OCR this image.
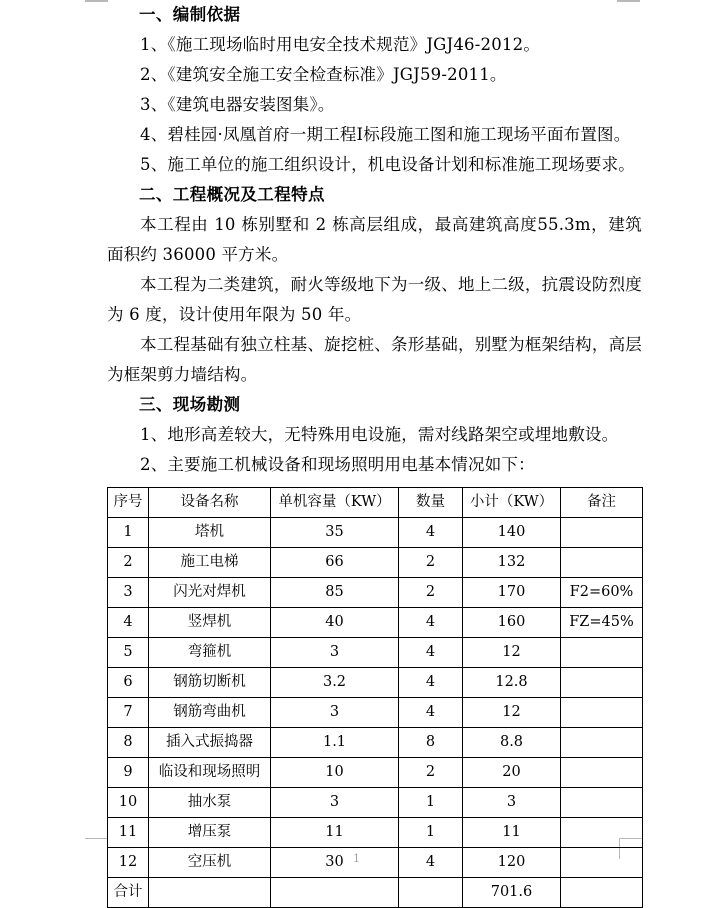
一、编制依据
1、《施工现场临时用电安全技术规范》JGJ46-2012。
2、《建筑安全施工安全检查标准》JGJ59-2011。
3、《建筑电器安装图集》。
4、碧桂园·凤凰首府一期工程Ⅰ标段施工图和施工现场平面布置图。
5、施工单位的施工组织设计，机电设备计划和标准施工现场要求。
二、工程概况及工程特点
本工程由 10 栋别墅和 2 栋高层组成，最高建筑高度55.3m，建筑面积约 36000 平方米。
本工程为二类建筑，耐火等级地下为一级、地上二级，抗震设防烈度为 6 度，设计使用年限为 50 年。
本工程基础有独立柱基、旋挖桩、条形基础，别墅为框架结构，高层为框架剪力墙结构。
三、现场勘测
1、地形高差较大，无特殊用电设施，需对线路架空或埋地敷设。
2、主要施工机械设备和现场照明用电基本情况如下：
序号	设备名称	单机容量（KW）	数量	小计（KW）	备注
1	塔机	35	4	140	
2	施工电梯	66	2	132	
3	闪光对焊机	85	2	170	F2=60%
4	竖焊机	40	4	160	FZ=45%
5	弯箍机	3	4	12	
6	钢筋切断机	3.2	4	12.8	
7	钢筋弯曲机	3	4	12	
8	插入式振捣器	1.1	8	8.8	
9	临设和现场照明	10	2	20	
10	抽水泵	3	1	3	
11	增压泵	11	1	11	
12	空压机	30	4	120	
合计				701.6	
1
